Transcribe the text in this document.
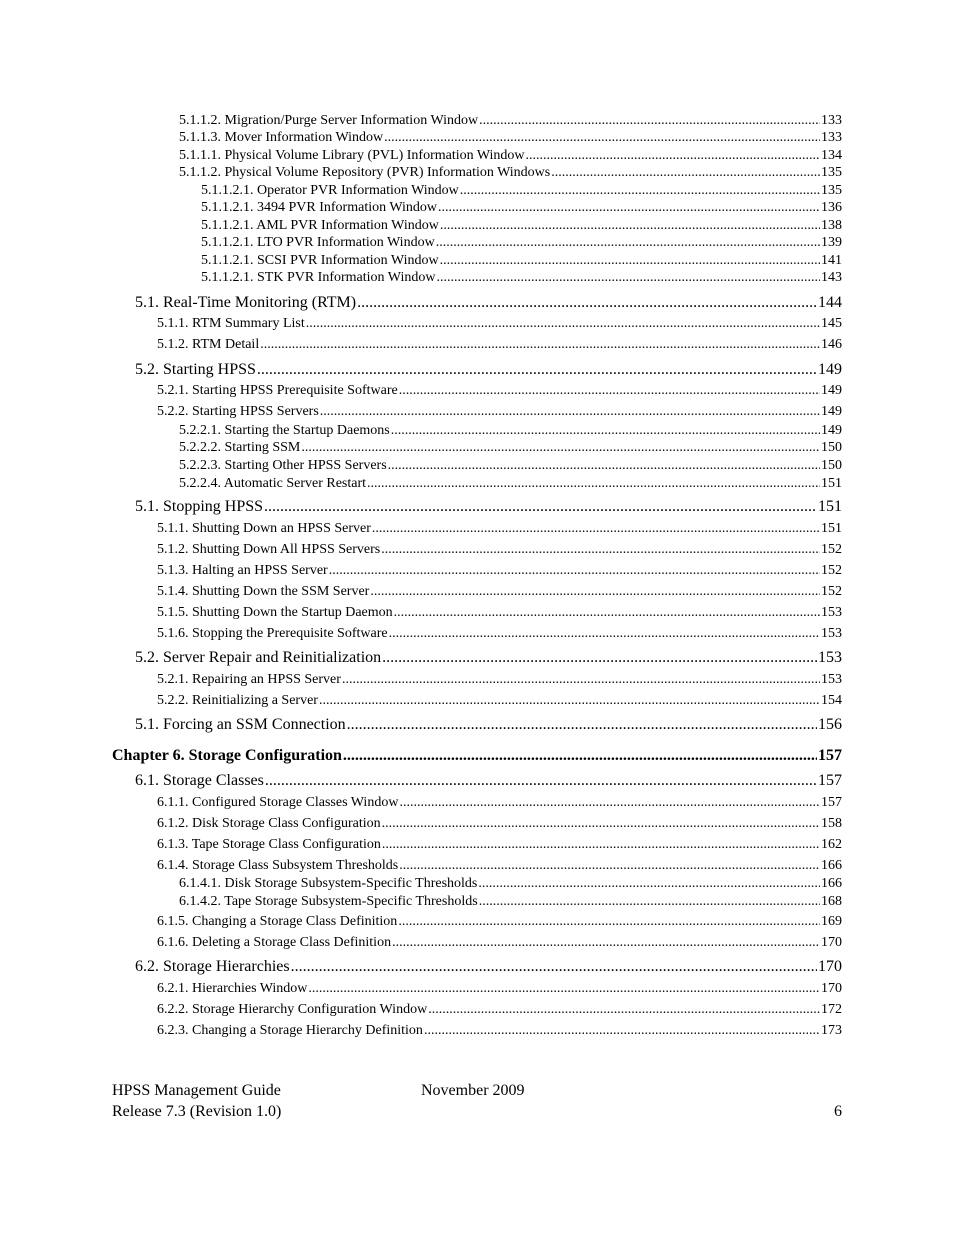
5.1.1.2. Migration/Purge Server Information Window .....	133
5.1.1.3. Mover Information Window .....	133
5.1.1.1. Physical Volume Library (PVL) Information Window .....	134
5.1.1.2. Physical Volume Repository (PVR) Information Windows .....	135
5.1.1.2.1. Operator PVR Information Window .....	135
5.1.1.2.1. 3494 PVR Information Window .....	136
5.1.1.2.1. AML PVR Information Window .....	138
5.1.1.2.1. LTO PVR Information Window .....	139
5.1.1.2.1. SCSI PVR Information Window .....	141
5.1.1.2.1. STK PVR Information Window .....	143
5.1. Real-Time Monitoring (RTM) .....	144
5.1.1. RTM Summary List .....	145
5.1.2. RTM Detail .....	146
5.2. Starting HPSS .....	149
5.2.1. Starting HPSS Prerequisite Software .....	149
5.2.2. Starting HPSS Servers .....	149
5.2.2.1. Starting the Startup Daemons .....	149
5.2.2.2. Starting SSM .....	150
5.2.2.3. Starting Other HPSS Servers .....	150
5.2.2.4. Automatic Server Restart .....	151
5.1. Stopping HPSS .....	151
5.1.1. Shutting Down an HPSS Server .....	151
5.1.2. Shutting Down All HPSS Servers .....	152
5.1.3. Halting an HPSS Server .....	152
5.1.4. Shutting Down the SSM Server .....	152
5.1.5. Shutting Down the Startup Daemon .....	153
5.1.6. Stopping the Prerequisite Software .....	153
5.2. Server Repair and Reinitialization .....	153
5.2.1. Repairing an HPSS Server .....	153
5.2.2. Reinitializing a Server .....	154
5.1. Forcing an SSM Connection .....	156
Chapter 6. Storage Configuration .....	157
6.1. Storage Classes .....	157
6.1.1. Configured Storage Classes Window .....	157
6.1.2. Disk Storage Class Configuration .....	158
6.1.3. Tape Storage Class Configuration .....	162
6.1.4. Storage Class Subsystem Thresholds .....	166
6.1.4.1. Disk Storage Subsystem-Specific Thresholds .....	166
6.1.4.2. Tape Storage Subsystem-Specific Thresholds .....	168
6.1.5. Changing a Storage Class Definition .....	169
6.1.6. Deleting a Storage Class Definition .....	170
6.2. Storage Hierarchies .....	170
6.2.1. Hierarchies Window .....	170
6.2.2. Storage Hierarchy Configuration Window .....	172
6.2.3. Changing a Storage Hierarchy Definition .....	173
HPSS Management Guide	November 2009
Release 7.3 (Revision 1.0)	6
